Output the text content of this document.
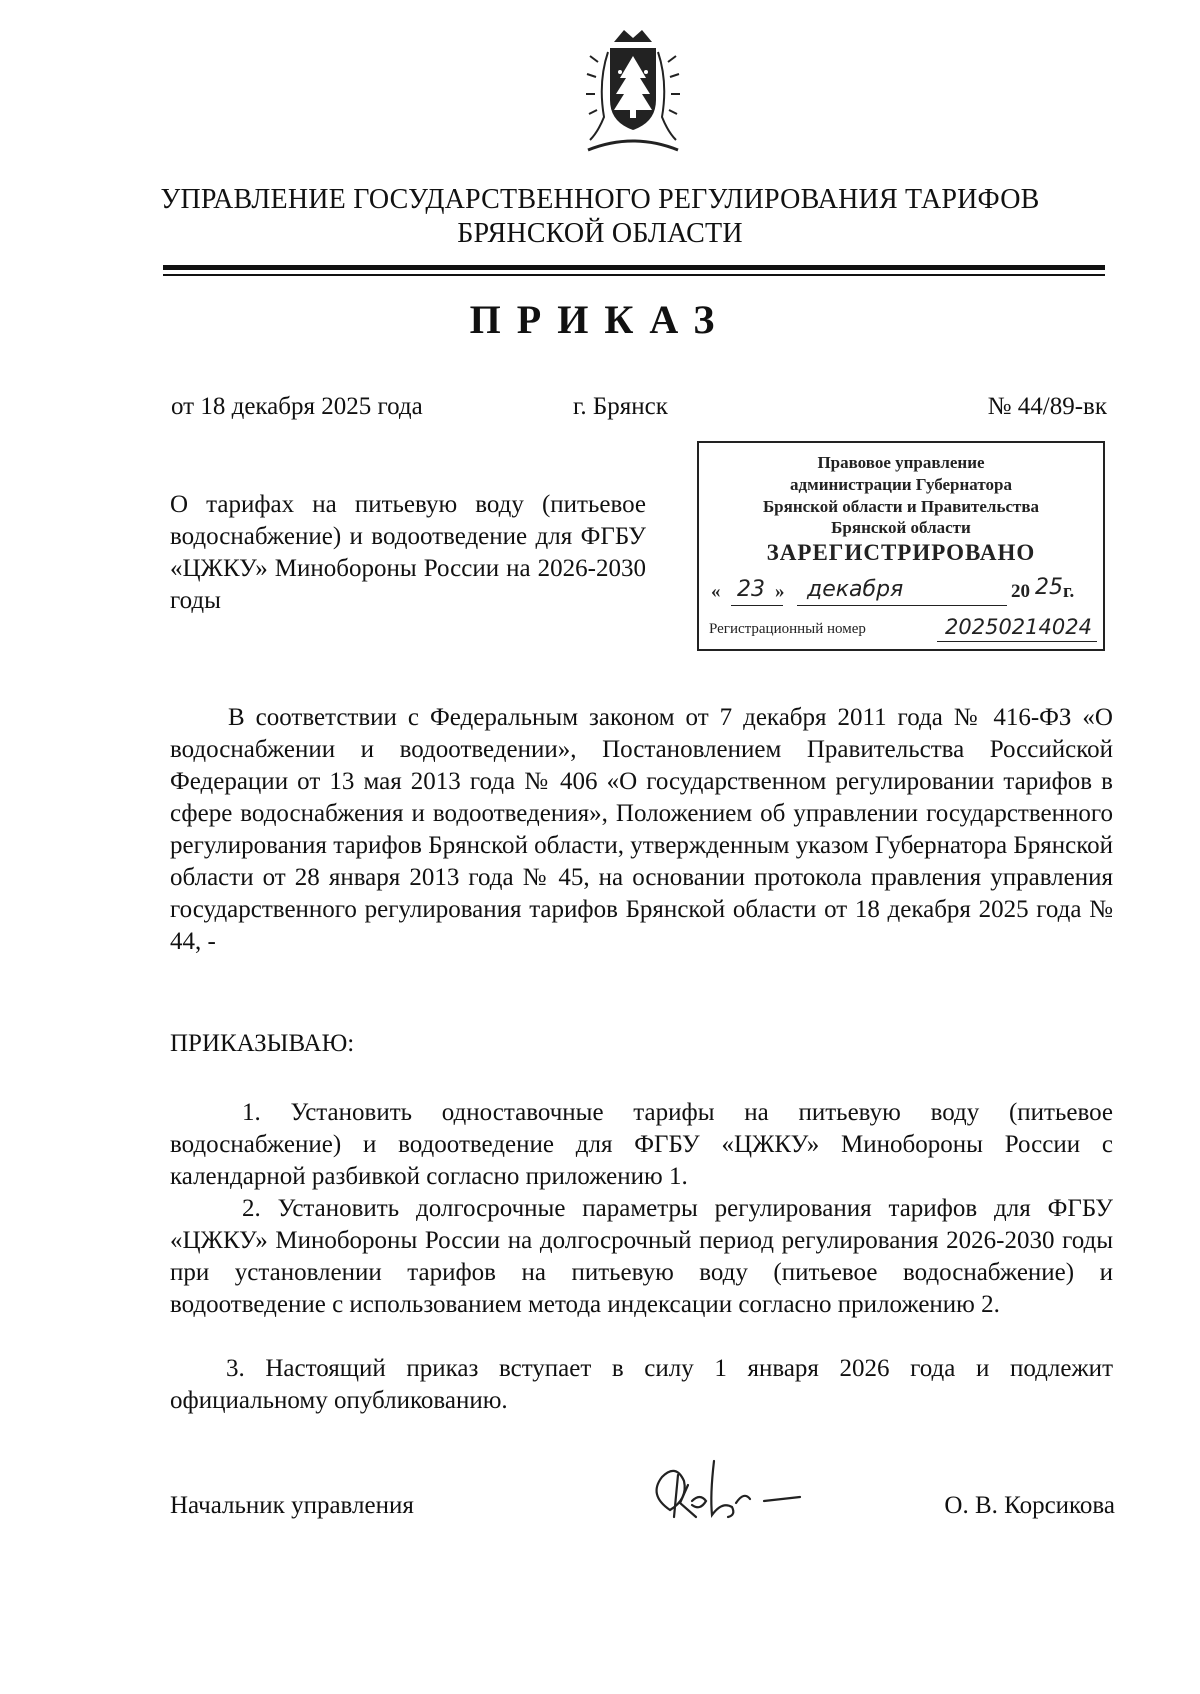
УПРАВЛЕНИЕ ГОСУДАРСТВЕННОГО РЕГУЛИРОВАНИЯ ТАРИФОВ
БРЯНСКОЙ ОБЛАСТИ
ПРИКАЗ
от 18 декабря 2025 года	г. Брянск	№ 44/89-вк
О тарифах на питьевую воду (питьевое водоснабжение) и водоотведение для ФГБУ «ЦЖКУ» Минобороны России на 2026-2030 годы
Правовое управление
администрации Губернатора
Брянской области и Правительства
Брянской области
ЗАРЕГИСТРИРОВАНО
« 23 » декабря	20 25 г.
Регистрационный номер	20250214024
В соответствии с Федеральным законом от 7 декабря 2011 года № 416-ФЗ «О водоснабжении и водоотведении», Постановлением Правительства Российской Федерации от 13 мая 2013 года № 406 «О государственном регулировании тарифов в сфере водоснабжения и водоотведения», Положением об управлении государственного регулирования тарифов Брянской области, утвержденным указом Губернатора Брянской области от 28 января 2013 года № 45, на основании протокола правления управления государственного регулирования тарифов Брянской области от 18 декабря 2025 года № 44, -
ПРИКАЗЫВАЮ:
1. Установить одноставочные тарифы на питьевую воду (питьевое водоснабжение) и водоотведение для ФГБУ «ЦЖКУ» Минобороны России с календарной разбивкой согласно приложению 1.
2. Установить долгосрочные параметры регулирования тарифов для ФГБУ «ЦЖКУ» Минобороны России на долгосрочный период регулирования 2026-2030 годы при установлении тарифов на питьевую воду (питьевое водоснабжение) и водоотведение с использованием метода индексации согласно приложению 2.
3. Настоящий приказ вступает в силу 1 января 2026 года и подлежит официальному опубликованию.
Начальник управления	О. В. Корсикова
